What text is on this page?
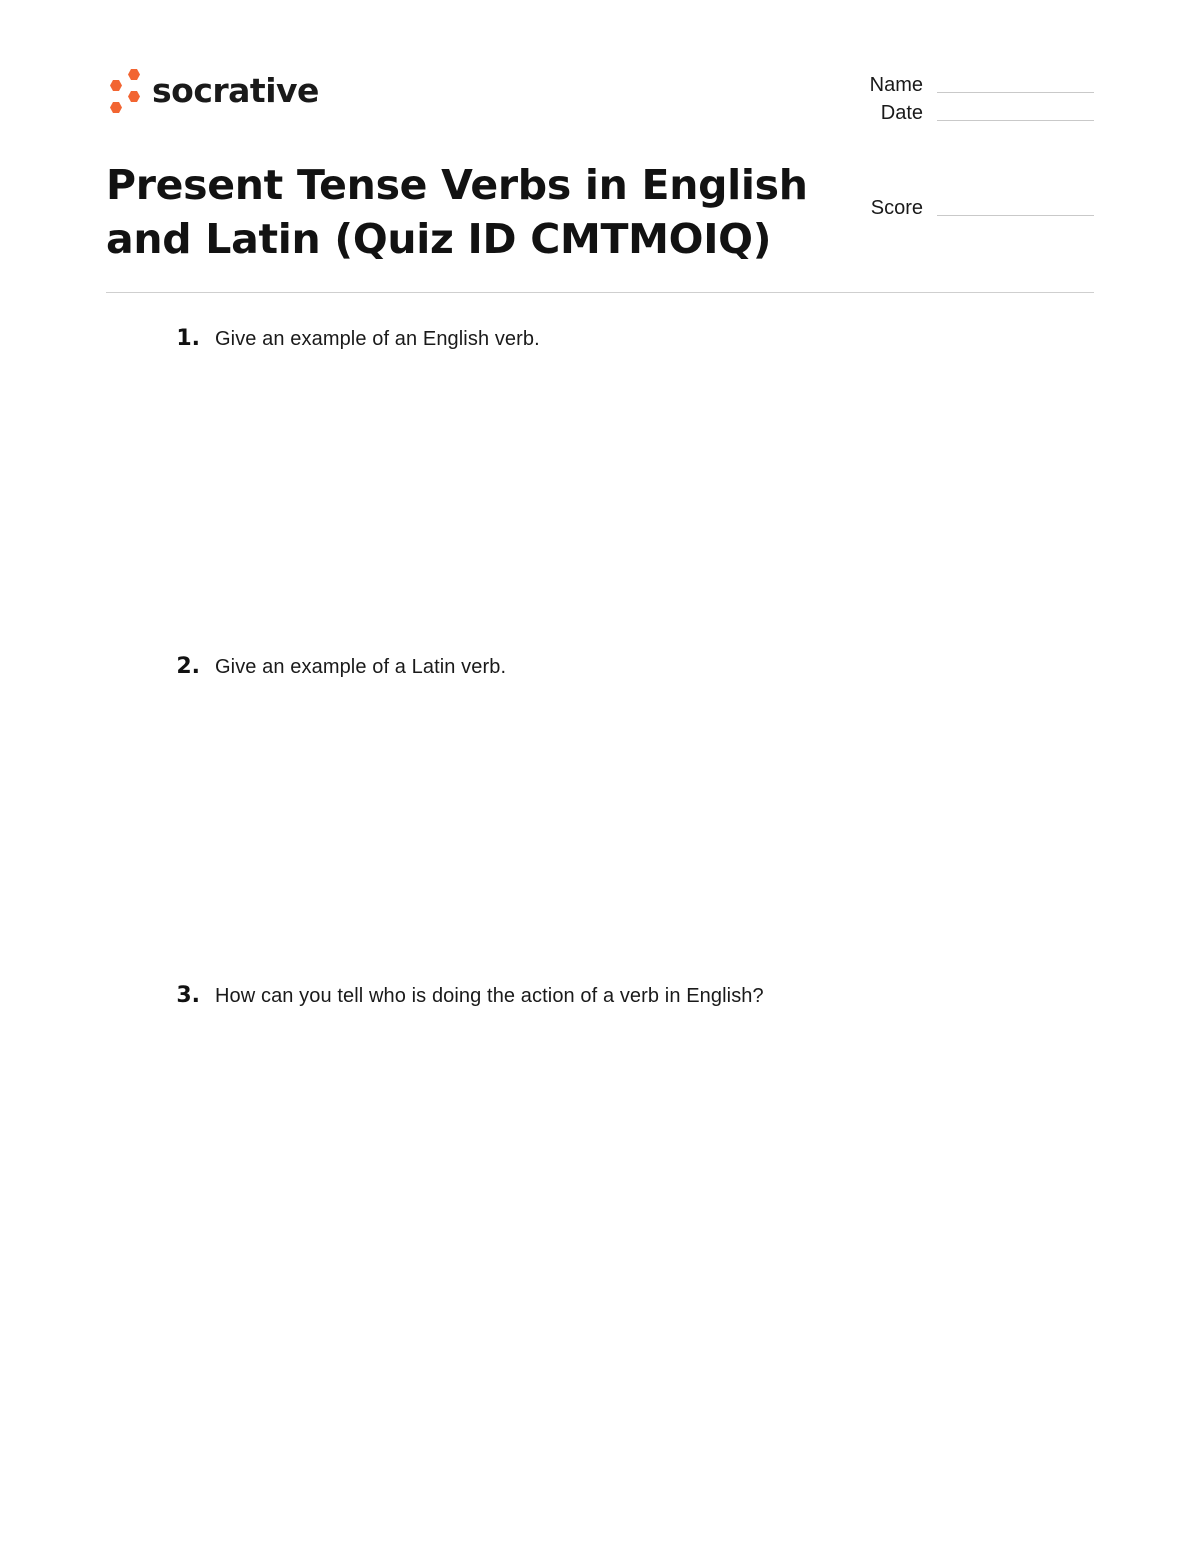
socrative	Name
Date
Score
Present Tense Verbs in English and Latin (Quiz ID CMTMOIQ)
1. Give an example of an English verb.
2. Give an example of a Latin verb.
3. How can you tell who is doing the action of a verb in English?
